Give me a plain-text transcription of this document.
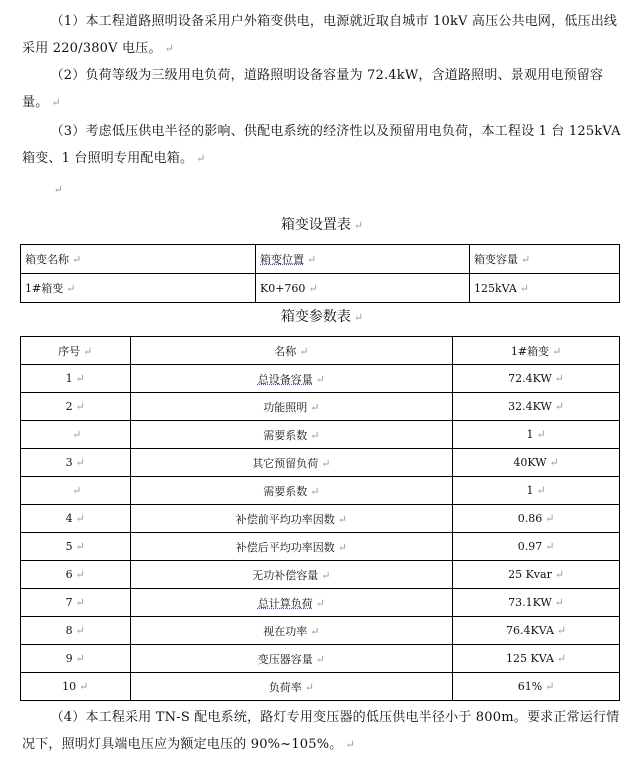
（1）本工程道路照明设备采用户外箱变供电，电源就近取自城市 10kV 高压公共电网，低压出线采用 220/380V 电压。 ↵

（2）负荷等级为三级用电负荷，道路照明设备容量为 72.4kW，含道路照明、景观用电预留容量。 ↵

（3）考虑低压供电半径的影响、供配电系统的经济性以及预留用电负荷，本工程设 1 台 125kVA 箱变、1 台照明专用配电箱。 ↵

↵

箱变设置表 ↵
箱变名称 ↵	箱变位置 ↵	箱变容量 ↵
1#箱变 ↵	K0+760 ↵	125kVA ↵
箱变参数表 ↵
序号 ↵	名称 ↵	1#箱变 ↵
1 ↵	总设备容量 ↵	72.4KW ↵
2 ↵	功能照明 ↵	32.4KW ↵
↵	需要系数 ↵	1 ↵
3 ↵	其它预留负荷 ↵	40KW ↵
↵	需要系数 ↵	1 ↵
4 ↵	补偿前平均功率因数 ↵	0.86 ↵
5 ↵	补偿后平均功率因数 ↵	0.97 ↵
6 ↵	无功补偿容量 ↵	25 Kvar ↵
7 ↵	总计算负荷 ↵	73.1KW ↵
8 ↵	视在功率 ↵	76.4KVA ↵
9 ↵	变压器容量 ↵	125 KVA ↵
10 ↵	负荷率 ↵	61% ↵

（4）本工程采用 TN-S 配电系统，路灯专用变压器的低压供电半径小于 800m。要求正常运行情况下，照明灯具端电压应为额定电压的 90%~105%。 ↵
